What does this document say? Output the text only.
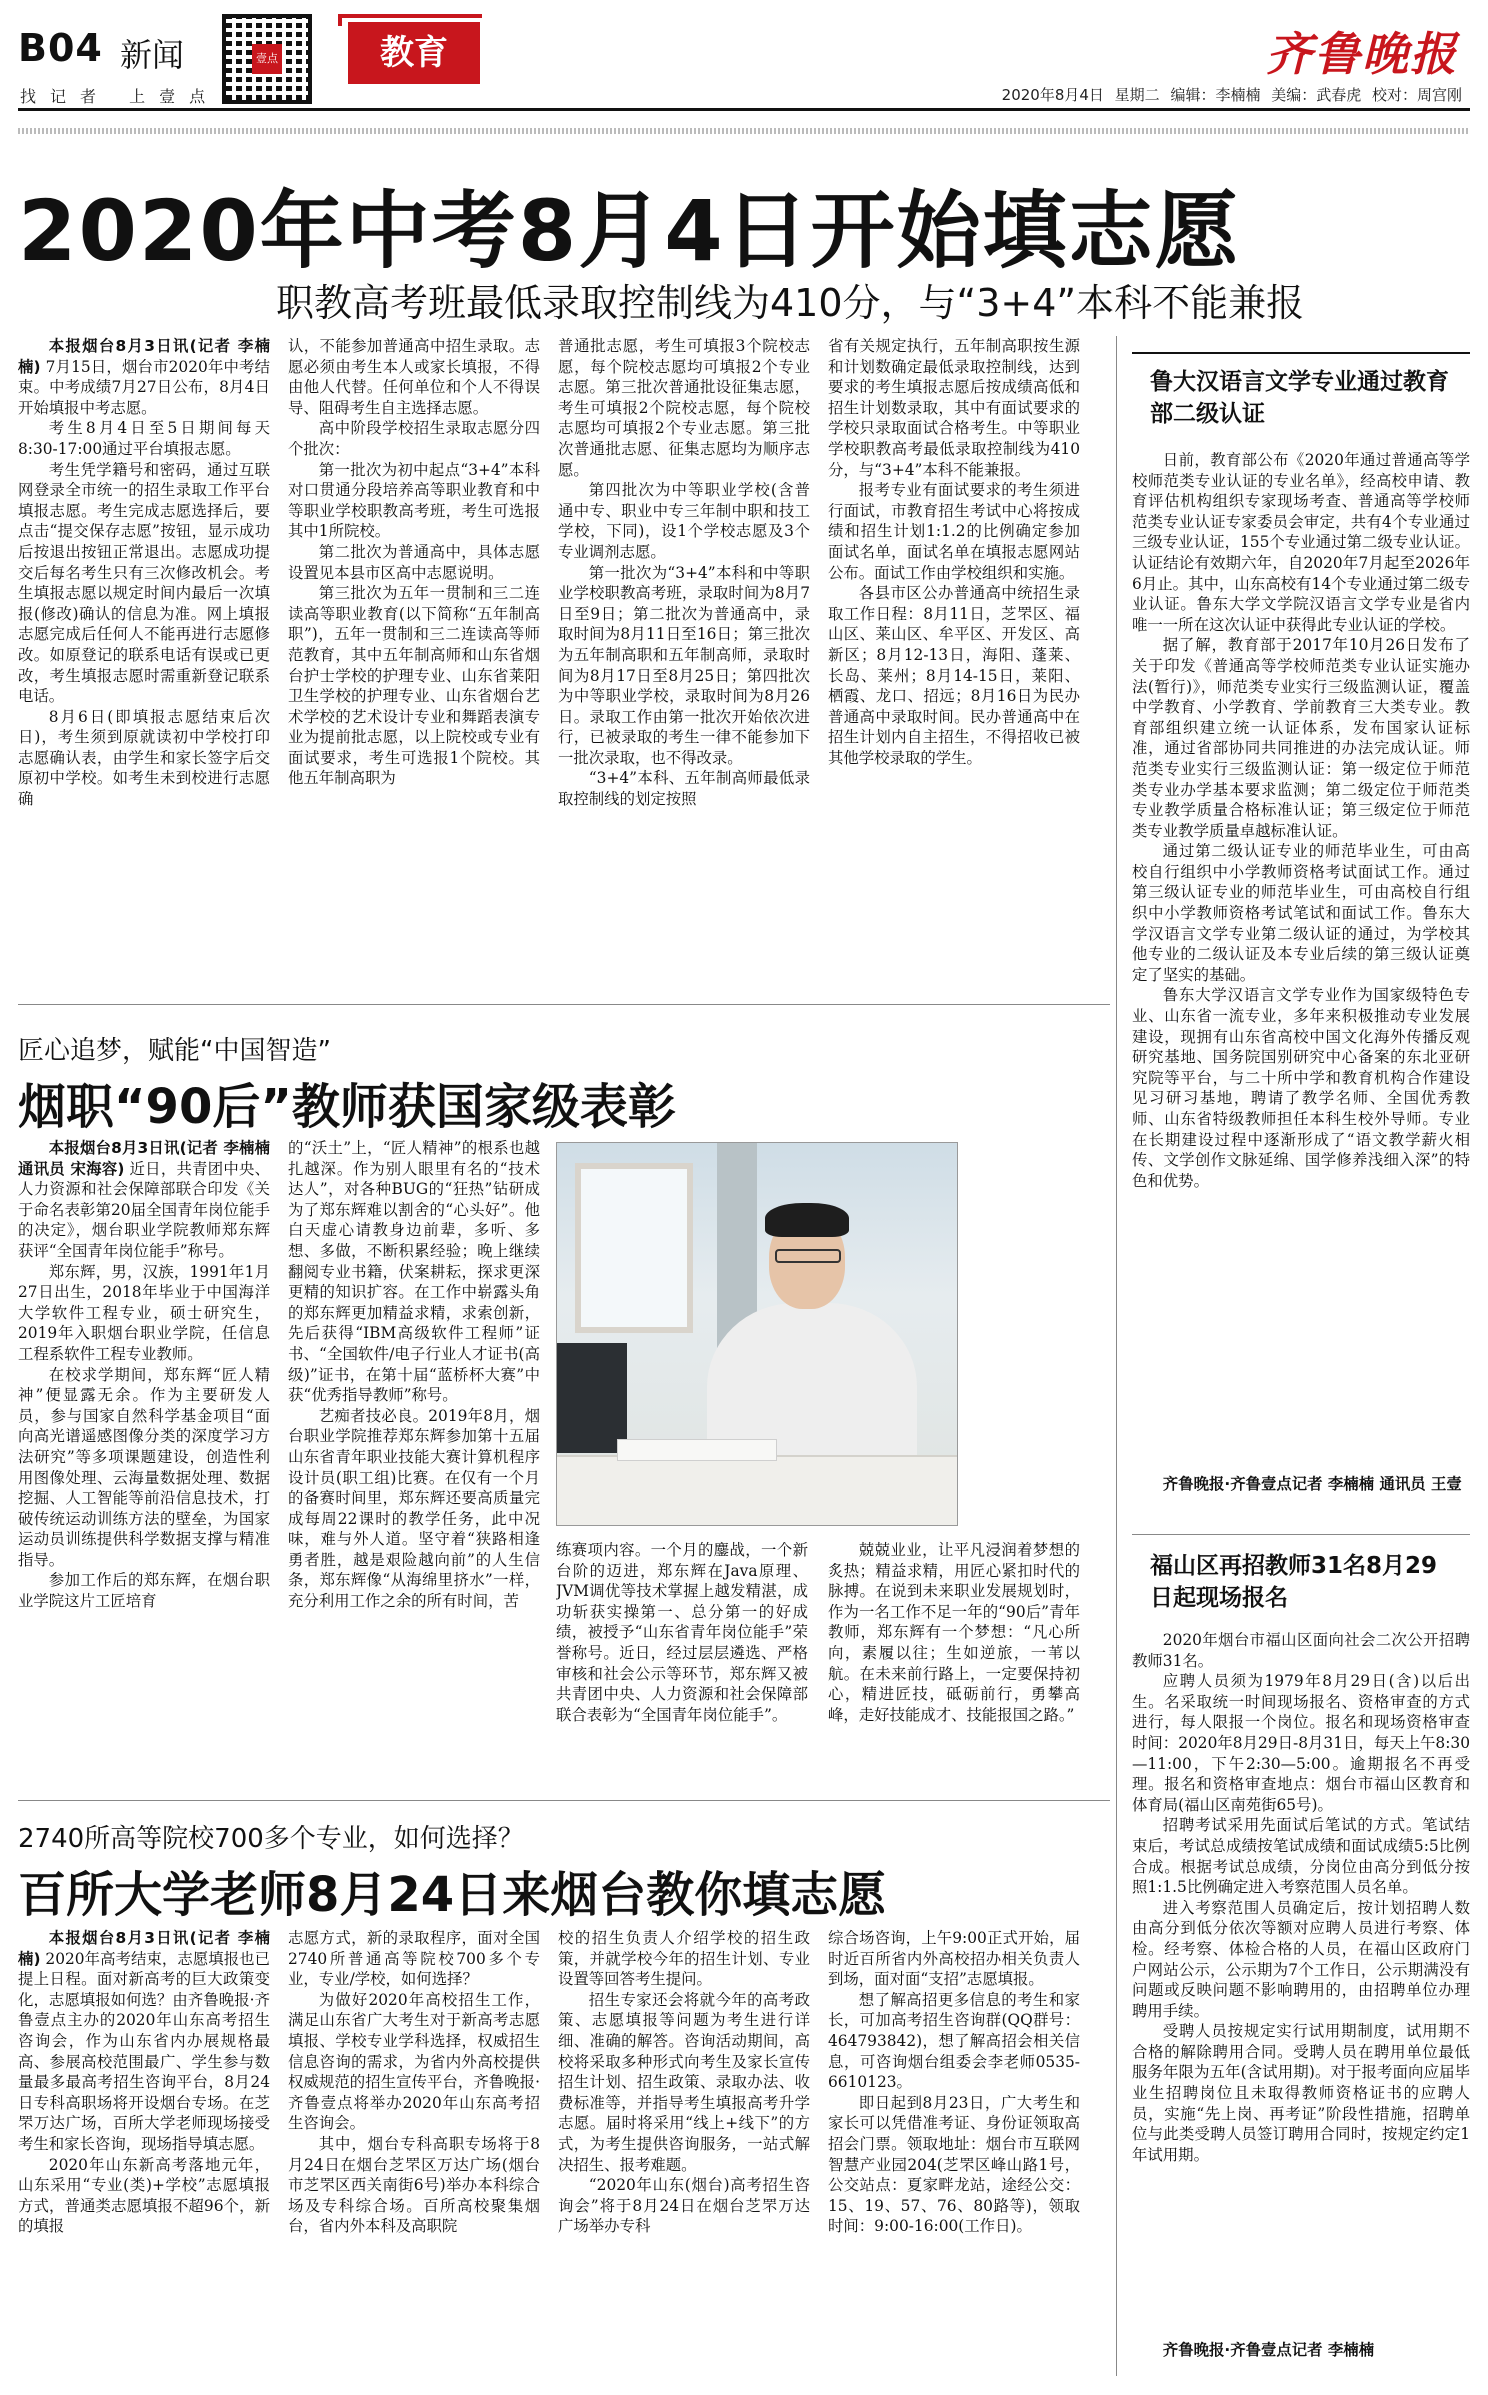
B04 新闻
找记者 上壹点
壹点	教育	齐鲁晚报
2020年8月4日 星期二 编辑：李楠楠 美编：武春虎 校对：周宫刚
2020年中考8月4日开始填志愿
职教高考班最低录取控制线为410分，与“3+4”本科不能兼报

本报烟台8月3日讯(记者 李楠楠) 7月15日，烟台市2020年中考结束。中考成绩7月27日公布，8月4日开始填报中考志愿。

考生8月4日至5日期间每天8:30-17:00通过平台填报志愿。

考生凭学籍号和密码，通过互联网登录全市统一的招生录取工作平台填报志愿。考生完成志愿选择后，要点击“提交保存志愿”按钮，显示成功后按退出按钮正常退出。志愿成功提交后每名考生只有三次修改机会。考生填报志愿以规定时间内最后一次填报(修改)确认的信息为准。网上填报志愿完成后任何人不能再进行志愿修改。如原登记的联系电话有误或已更改，考生填报志愿时需重新登记联系电话。

8月6日(即填报志愿结束后次日)，考生须到原就读初中学校打印志愿确认表，由学生和家长签字后交原初中学校。如考生未到校进行志愿确

认，不能参加普通高中招生录取。志愿必须由考生本人或家长填报，不得由他人代替。任何单位和个人不得误导、阻碍考生自主选择志愿。

高中阶段学校招生录取志愿分四个批次：

第一批次为初中起点“3+4”本科对口贯通分段培养高等职业教育和中等职业学校职教高考班，考生可选报其中1所院校。

第二批次为普通高中，具体志愿设置见本县市区高中志愿说明。

第三批次为五年一贯制和三二连读高等职业教育(以下简称“五年制高职”)，五年一贯制和三二连读高等师范教育，其中五年制高师和山东省烟台护士学校的护理专业、山东省莱阳卫生学校的护理专业、山东省烟台艺术学校的艺术设计专业和舞蹈表演专业为提前批志愿，以上院校或专业有面试要求，考生可选报1个院校。其他五年制高职为

普通批志愿，考生可填报3个院校志愿，每个院校志愿均可填报2个专业志愿。第三批次普通批设征集志愿，考生可填报2个院校志愿，每个院校志愿均可填报2个专业志愿。第三批次普通批志愿、征集志愿均为顺序志愿。

第四批次为中等职业学校(含普通中专、职业中专三年制中职和技工学校，下同)，设1个学校志愿及3个专业调剂志愿。

第一批次为“3+4”本科和中等职业学校职教高考班，录取时间为8月7日至9日；第二批次为普通高中，录取时间为8月11日至16日；第三批次为五年制高职和五年制高师，录取时间为8月17日至8月25日；第四批次为中等职业学校，录取时间为8月26日。录取工作由第一批次开始依次进行，已被录取的考生一律不能参加下一批次录取，也不得改录。

“3+4”本科、五年制高师最低录取控制线的划定按照

省有关规定执行，五年制高职按生源和计划数确定最低录取控制线，达到要求的考生填报志愿后按成绩高低和招生计划数录取，其中有面试要求的学校只录取面试合格考生。中等职业学校职教高考最低录取控制线为410分，与“3+4”本科不能兼报。

报考专业有面试要求的考生须进行面试，市教育招生考试中心将按成绩和招生计划1:1.2的比例确定参加面试名单，面试名单在填报志愿网站公布。面试工作由学校组织和实施。

各县市区公办普通高中统招生录取工作日程：8月11日，芝罘区、福山区、莱山区、牟平区、开发区、高新区；8月12-13日，海阳、蓬莱、长岛、莱州；8月14-15日，莱阳、栖霞、龙口、招远；8月16日为民办普通高中录取时间。民办普通高中在招生计划内自主招生，不得招收已被其他学校录取的学生。

匠心追梦，赋能“中国智造”
烟职“90后”教师获国家级表彰

本报烟台8月3日讯(记者 李楠楠 通讯员 宋海容) 近日，共青团中央、人力资源和社会保障部联合印发《关于命名表彰第20届全国青年岗位能手的决定》，烟台职业学院教师郑东辉获评“全国青年岗位能手”称号。

郑东辉，男，汉族，1991年1月27日出生，2018年毕业于中国海洋大学软件工程专业，硕士研究生，2019年入职烟台职业学院，任信息工程系软件工程专业教师。

在校求学期间，郑东辉“匠人精神”便显露无余。作为主要研发人员，参与国家自然科学基金项目“面向高光谱遥感图像分类的深度学习方法研究”等多项课题建设，创造性利用图像处理、云海量数据处理、数据挖掘、人工智能等前沿信息技术，打破传统运动训练方法的壁垒，为国家运动员训练提供科学数据支撑与精准指导。

参加工作后的郑东辉，在烟台职业学院这片工匠培育

的“沃土”上，“匠人精神”的根系也越扎越深。作为别人眼里有名的“技术达人”，对各种BUG的“狂热”钻研成为了郑东辉难以割舍的“心头好”。他白天虚心请教身边前辈，多听、多想、多做，不断积累经验；晚上继续翻阅专业书籍，伏案耕耘，探求更深更精的知识扩容。在工作中崭露头角的郑东辉更加精益求精，求索创新，先后获得“IBM高级软件工程师”证书、“全国软件/电子行业人才证书(高级)”证书，在第十届“蓝桥杯大赛”中获“优秀指导教师”称号。

艺痴者技必良。2019年8月，烟台职业学院推荐郑东辉参加第十五届山东省青年职业技能大赛计算机程序设计员(职工组)比赛。在仅有一个月的备赛时间里，郑东辉还要高质量完成每周22课时的教学任务，此中况味，难与外人道。坚守着“狭路相逢勇者胜，越是艰险越向前”的人生信条，郑东辉像“从海绵里挤水”一样，充分利用工作之余的所有时间，苦

练赛项内容。一个月的鏖战，一个新台阶的迈进，郑东辉在Java原理、JVM调优等技术掌握上越发精湛，成功斩获实操第一、总分第一的好成绩，被授予“山东省青年岗位能手”荣誉称号。近日，经过层层遴选、严格审核和社会公示等环节，郑东辉又被共青团中央、人力资源和社会保障部联合表彰为“全国青年岗位能手”。

兢兢业业，让平凡浸润着梦想的炙热；精益求精，用匠心紧扣时代的脉搏。在说到未来职业发展规划时，作为一名工作不足一年的“90后”青年教师，郑东辉有一个梦想：“凡心所向，素履以往；生如逆旅，一苇以航。在未来前行路上，一定要保持初心，精进匠技，砥砺前行，勇攀高峰，走好技能成才、技能报国之路。”

2740所高等院校700多个专业，如何选择？
百所大学老师8月24日来烟台教你填志愿

本报烟台8月3日讯(记者 李楠楠) 2020年高考结束，志愿填报也已提上日程。面对新高考的巨大政策变化，志愿填报如何选？由齐鲁晚报·齐鲁壹点主办的2020年山东高考招生咨询会，作为山东省内办展规格最高、参展高校范围最广、学生参与数量最多最高考招生咨询平台，8月24日专科高职场将开设烟台专场。在芝罘万达广场，百所大学老师现场接受考生和家长咨询，现场指导填志愿。

2020年山东新高考落地元年，山东采用“专业(类)+学校”志愿填报方式，普通类志愿填报不超96个，新的填报

志愿方式，新的录取程序，面对全国2740所普通高等院校700多个专业，专业/学校，如何选择？

为做好2020年高校招生工作，满足山东省广大考生对于新高考志愿填报、学校专业学科选择，权威招生信息咨询的需求，为省内外高校提供权威规范的招生宣传平台，齐鲁晚报·齐鲁壹点将举办2020年山东高考招生咨询会。

其中，烟台专科高职专场将于8月24日在烟台芝罘区万达广场(烟台市芝罘区西关南街6号)举办本科综合场及专科综合场。百所高校聚集烟台，省内外本科及高职院

校的招生负责人介绍学校的招生政策，并就学校今年的招生计划、专业设置等回答考生提问。

招生专家还会将就今年的高考政策、志愿填报等问题为考生进行详细、准确的解答。咨询活动期间，高校将采取多种形式向考生及家长宣传招生计划、招生政策、录取办法、收费标准等，并指导考生填报高考升学志愿。届时将采用“线上+线下”的方式，为考生提供咨询服务，一站式解决招生、报考难题。

“2020年山东(烟台)高考招生咨询会”将于8月24日在烟台芝罘万达广场举办专科

综合场咨询，上午9:00正式开始，届时近百所省内外高校招办相关负责人到场，面对面“支招”志愿填报。

想了解高招更多信息的考生和家长，可加高考招生咨询群(QQ群号：464793842)，想了解高招会相关信息，可咨询烟台组委会李老师0535-6610123。

即日起到8月23日，广大考生和家长可以凭借准考证、身份证领取高招会门票。领取地址：烟台市互联网智慧产业园204(芝罘区峰山路1号，公交站点：夏家畔龙站，途经公交：15、19、57、76、80路等)，领取时间：9:00-16:00(工作日)。

鲁大汉语言文学专业通过教育部二级认证

日前，教育部公布《2020年通过普通高等学校师范类专业认证的专业名单》，经高校申请、教育评估机构组织专家现场考查、普通高等学校师范类专业认证专家委员会审定，共有4个专业通过三级专业认证，155个专业通过第二级专业认证。认证结论有效期六年，自2020年7月起至2026年6月止。其中，山东高校有14个专业通过第二级专业认证。鲁东大学文学院汉语言文学专业是省内唯一一所在这次认证中获得此专业认证的学校。

据了解，教育部于2017年10月26日发布了关于印发《普通高等学校师范类专业认证实施办法(暂行)》，师范类专业实行三级监测认证，覆盖中学教育、小学教育、学前教育三大类专业。教育部组织建立统一认证体系，发布国家认证标准，通过省部协同共同推进的办法完成认证。师范类专业实行三级监测认证：第一级定位于师范类专业办学基本要求监测；第二级定位于师范类专业教学质量合格标准认证；第三级定位于师范类专业教学质量卓越标准认证。

通过第二级认证专业的师范毕业生，可由高校自行组织中小学教师资格考试面试工作。通过第三级认证专业的师范毕业生，可由高校自行组织中小学教师资格考试笔试和面试工作。鲁东大学汉语言文学专业第二级认证的通过，为学校其他专业的二级认证及本专业后续的第三级认证奠定了坚实的基础。

鲁东大学汉语言文学专业作为国家级特色专业、山东省一流专业，多年来积极推动专业发展建设，现拥有山东省高校中国文化海外传播反观研究基地、国务院国别研究中心备案的东北亚研究院等平台，与二十所中学和教育机构合作建设见习研习基地，聘请了教学名师、全国优秀教师、山东省特级教师担任本科生校外导师。专业在长期建设过程中逐渐形成了“语文教学薪火相传、文学创作文脉延绵、国学修养浅细入深”的特色和优势。

齐鲁晚报·齐鲁壹点记者 李楠楠 通讯员 王壹

福山区再招教师31名8月29日起现场报名

2020年烟台市福山区面向社会二次公开招聘教师31名。

应聘人员须为1979年8月29日(含)以后出生。名采取统一时间现场报名、资格审查的方式进行，每人限报一个岗位。报名和现场资格审查时间：2020年8月29日-8月31日，每天上午8:30—11:00，下午2:30—5:00。逾期报名不再受理。报名和资格审查地点：烟台市福山区教育和体育局(福山区南苑街65号)。

招聘考试采用先面试后笔试的方式。笔试结束后，考试总成绩按笔试成绩和面试成绩5:5比例合成。根据考试总成绩，分岗位由高分到低分按照1:1.5比例确定进入考察范围人员名单。

进入考察范围人员确定后，按计划招聘人数由高分到低分依次等额对应聘人员进行考察、体检。经考察、体检合格的人员，在福山区政府门户网站公示，公示期为7个工作日，公示期满没有问题或反映问题不影响聘用的，由招聘单位办理聘用手续。

受聘人员按规定实行试用期制度，试用期不合格的解除聘用合同。受聘人员在聘用单位最低服务年限为五年(含试用期)。对于报考面向应届毕业生招聘岗位且未取得教师资格证书的应聘人员，实施“先上岗、再考证”阶段性措施，招聘单位与此类受聘人员签订聘用合同时，按规定约定1年试用期。

齐鲁晚报·齐鲁壹点记者 李楠楠
